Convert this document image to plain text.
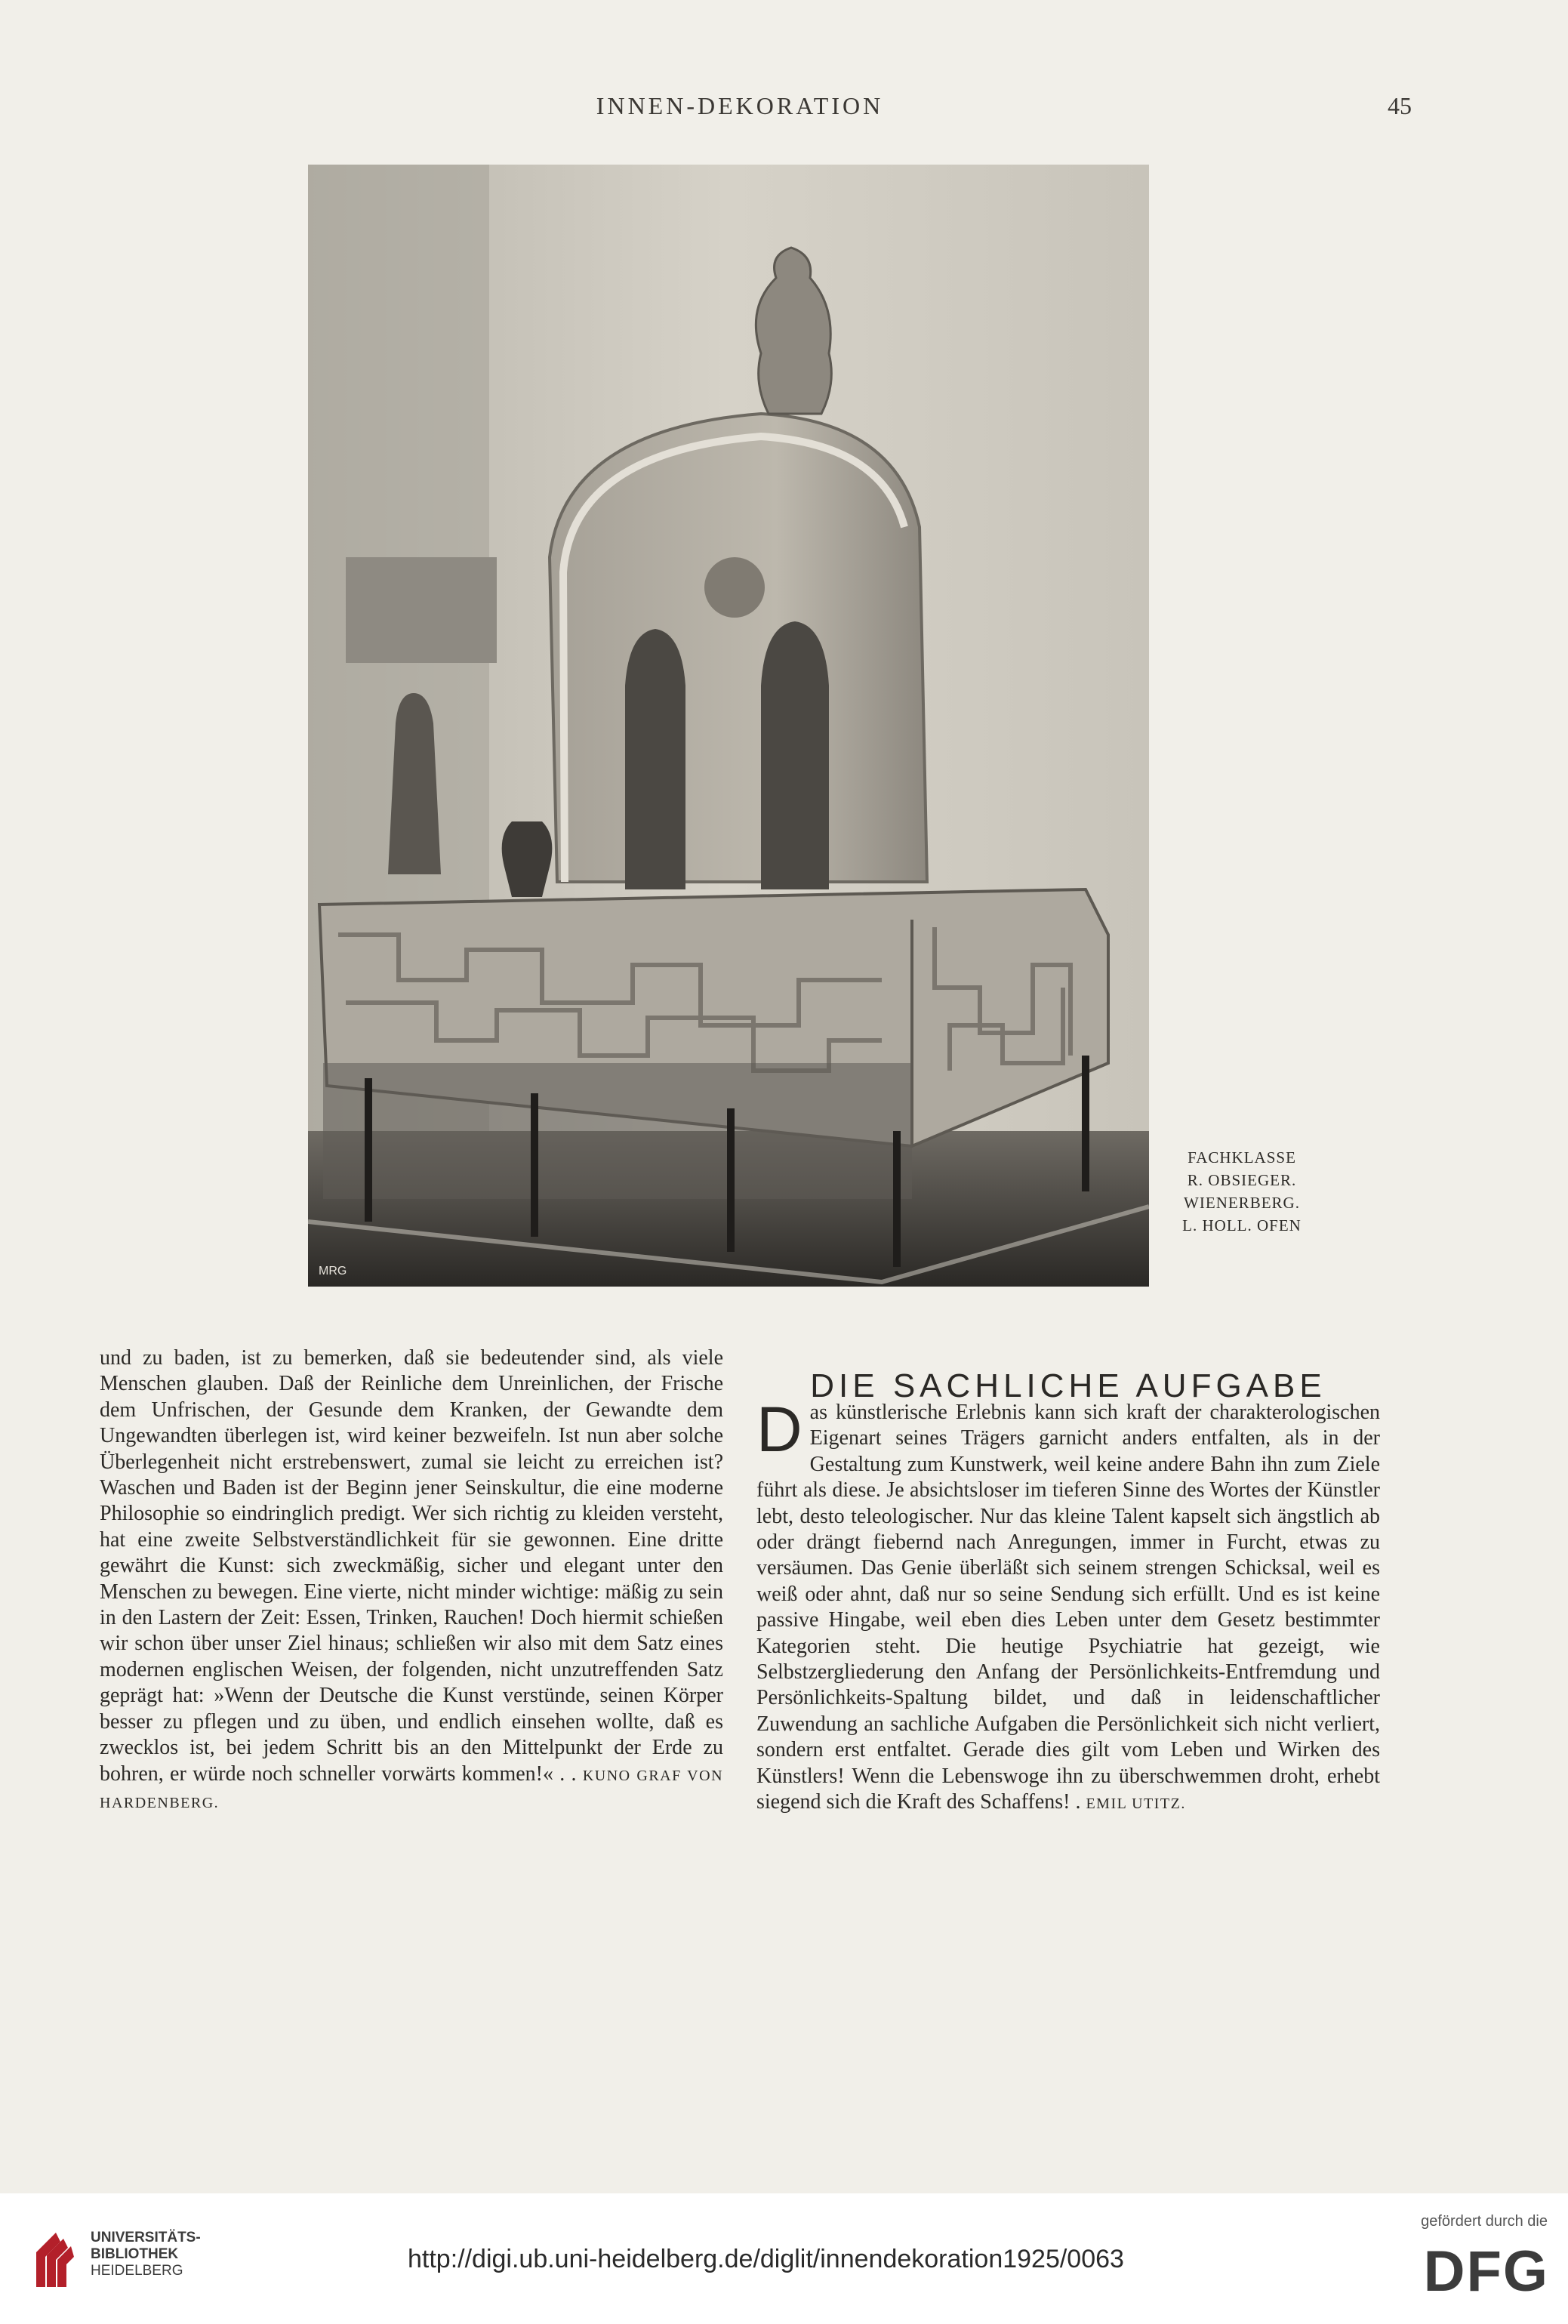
INNEN-DEKORATION	45
MRG
FACHKLASSE
R. OBSIEGER.
WIENERBERG.
L. HOLL. OFEN

und zu baden, ist zu bemerken, daß sie bedeutender sind, als viele Menschen glauben. Daß der Reinliche dem Unreinlichen, der Frische dem Unfrischen, der Gesunde dem Kranken, der Gewandte dem Ungewandten überlegen ist, wird keiner bezweifeln. Ist nun aber solche Überlegenheit nicht erstrebenswert, zumal sie leicht zu erreichen ist? Waschen und Baden ist der Beginn jener Seinskultur, die eine moderne Philosophie so eindringlich predigt. Wer sich richtig zu kleiden versteht, hat eine zweite Selbstverständlichkeit für sie gewonnen. Eine dritte gewährt die Kunst: sich zweckmäßig, sicher und elegant unter den Menschen zu bewegen. Eine vierte, nicht minder wichtige: mäßig zu sein in den Lastern der Zeit: Essen, Trinken, Rauchen! Doch hiermit schießen wir schon über unser Ziel hinaus; schließen wir also mit dem Satz eines modernen englischen Weisen, der folgenden, nicht unzutreffenden Satz geprägt hat: »Wenn der Deutsche die Kunst verstünde, seinen Körper besser zu pflegen und zu üben, und endlich einsehen wollte, daß es zwecklos ist, bei jedem Schritt bis an den Mittelpunkt der Erde zu bohren, er würde noch schneller vorwärts kommen!« . . KUNO GRAF VON HARDENBERG.

DIE SACHLICHE AUFGABE

Das künstlerische Erlebnis kann sich kraft der charakterologischen Eigenart seines Trägers garnicht anders entfalten, als in der Gestaltung zum Kunstwerk, weil keine andere Bahn ihn zum Ziele führt als diese. Je absichtsloser im tieferen Sinne des Wortes der Künstler lebt, desto teleologischer. Nur das kleine Talent kapselt sich ängstlich ab oder drängt fiebernd nach Anregungen, immer in Furcht, etwas zu versäumen. Das Genie überläßt sich seinem strengen Schicksal, weil es weiß oder ahnt, daß nur so seine Sendung sich erfüllt. Und es ist keine passive Hingabe, weil eben dies Leben unter dem Gesetz bestimmter Kategorien steht. Die heutige Psychiatrie hat gezeigt, wie Selbstzergliederung den Anfang der Persönlichkeits-Entfremdung und Persönlichkeits-Spaltung bildet, und daß in leidenschaftlicher Zuwendung an sachliche Aufgaben die Persönlichkeit sich nicht verliert, sondern erst entfaltet. Gerade dies gilt vom Leben und Wirken des Künstlers! Wenn die Lebenswoge ihn zu überschwemmen droht, erhebt siegend sich die Kraft des Schaffens! . EMIL UTITZ.

UNIVERSITÄTS-
BIBLIOTHEK
HEIDELBERG	http://digi.ub.uni-heidelberg.de/diglit/innendekoration1925/0063
gefördert durch die
DFG
